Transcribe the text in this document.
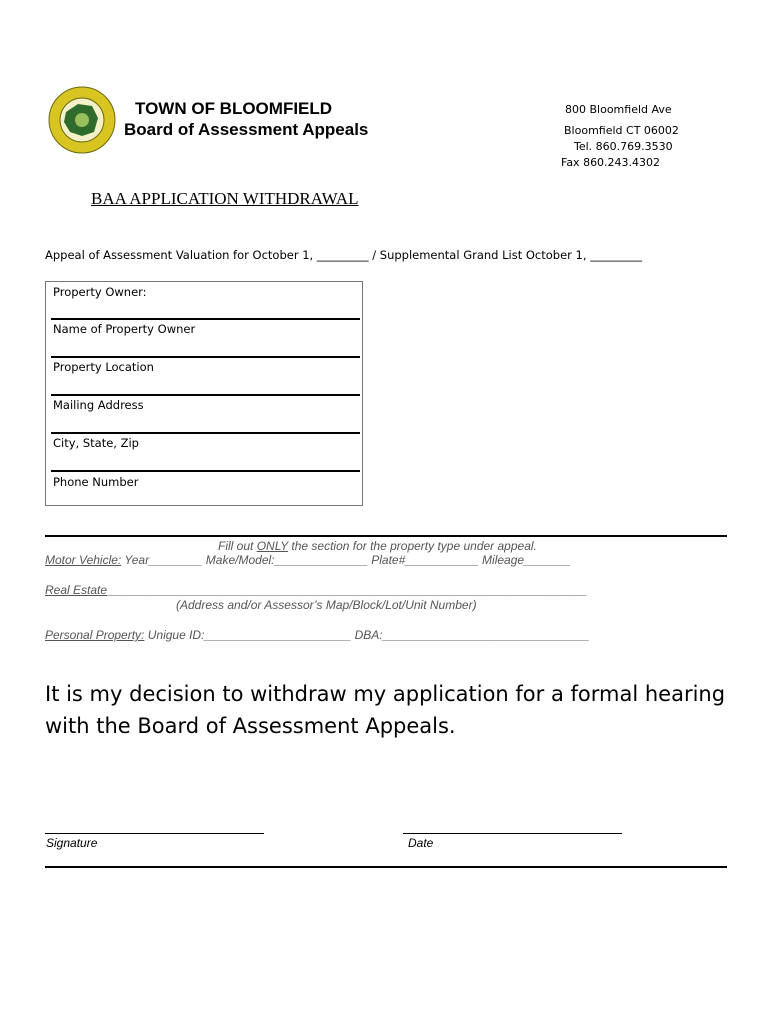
TOWN OF BLOOMFIELD
Board of Assessment Appeals
800 Bloomfield Ave
Bloomfield CT 06002
Tel. 860.769.3530
Fax 860.243.4302
BAA APPLICATION WITHDRAWAL
Appeal of Assessment Valuation for October 1, _________ / Supplemental Grand List October 1, _________
Property Owner:
Name of Property Owner
Property Location
Mailing Address
City, State, Zip
Phone Number
Fill out ONLY the section for the property type under appeal.
Motor Vehicle: Year________ Make/Model:______________ Plate#___________ Mileage_______
Real Estate________________________________________________________________________
(Address and/or Assessor’s Map/Block/Lot/Unit Number)
Personal Property: Unigue ID:______________________ DBA:_______________________________
It is my decision to withdraw my application for a formal hearing with the Board of Assessment Appeals.
Signature	Date
